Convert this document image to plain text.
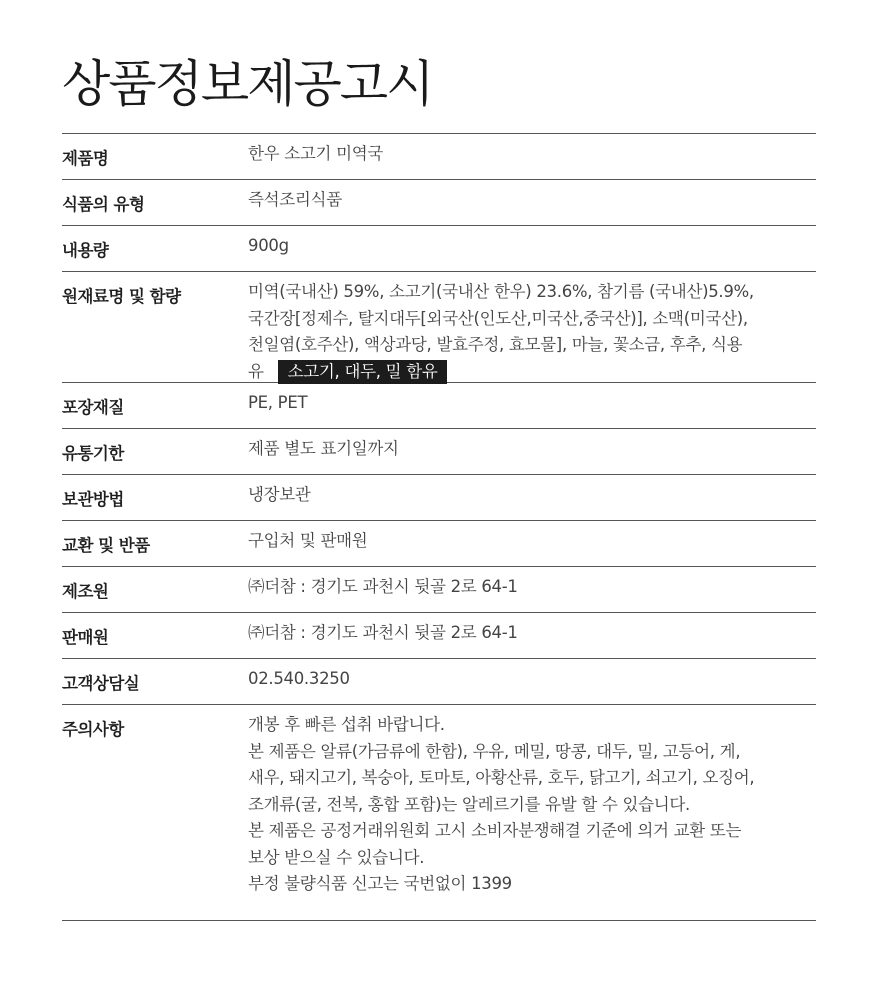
상품정보제공고시
제품명	한우 소고기 미역국
식품의 유형	즉석조리식품
내용량	900g
원재료명 및 함량	미역(국내산) 59%, 소고기(국내산 한우) 23.6%, 참기름 (국내산)5.9%,

국간장[정제수, 탈지대두[외국산(인도산,미국산,중국산)], 소맥(미국산),

천일염(호주산), 액상과당, 발효주정, 효모물], 마늘, 꽃소금, 후추, 식용

유 소고기, 대두, 밀 함유

포장재질	PE, PET
유통기한	제품 별도 표기일까지
보관방법	냉장보관
교환 및 반품	구입처 및 판매원
제조원	㈜더참 : 경기도 과천시 뒷골 2로 64-1
판매원	㈜더참 : 경기도 과천시 뒷골 2로 64-1
고객상담실	02.540.3250
주의사항	개봉 후 빠른 섭취 바랍니다.

본 제품은 알류(가금류에 한함), 우유, 메밀, 땅콩, 대두, 밀, 고등어, 게,

새우, 돼지고기, 복숭아, 토마토, 아황산류, 호두, 닭고기, 쇠고기, 오징어,

조개류(굴, 전복, 홍합 포함)는 알레르기를 유발 할 수 있습니다.

본 제품은 공정거래위원회 고시 소비자분쟁해결 기준에 의거 교환 또는

보상 받으실 수 있습니다.

부정 불량식품 신고는 국번없이 1399
